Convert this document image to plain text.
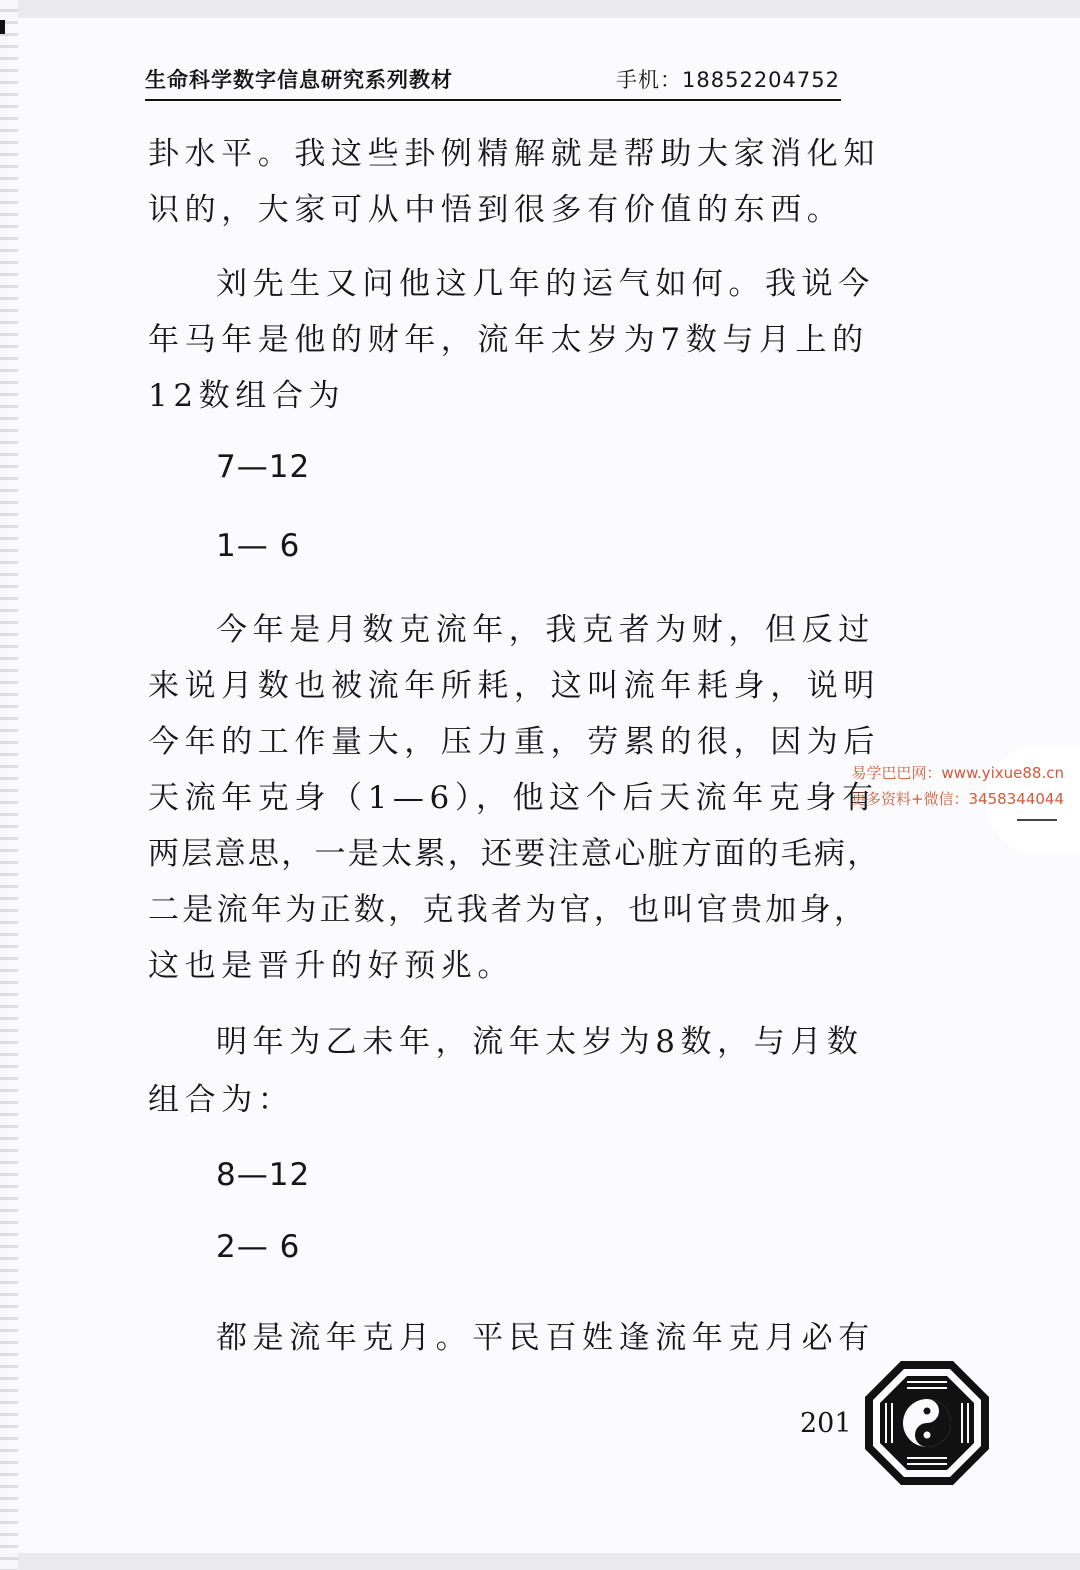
生命科学数字信息研究系列教材	手机：18852204752
卦水平。我这些卦例精解就是帮助大家消化知
识的，大家可从中悟到很多有价值的东西。
刘先生又问他这几年的运气如何。我说今
年马年是他的财年，流年太岁为7数与月上的
12数组合为
7—12
1— 6
今年是月数克流年，我克者为财，但反过
来说月数也被流年所耗，这叫流年耗身，说明
今年的工作量大，压力重，劳累的很，因为后
天流年克身（1—6），他这个后天流年克身有
两层意思，一是太累，还要注意心脏方面的毛病，
二是流年为正数，克我者为官，也叫官贵加身，
这也是晋升的好预兆。
明年为乙未年，流年太岁为8数，与月数
组合为：
8—12
2— 6
都是流年克月。平民百姓逢流年克月必有
201
易学巴巴网：www.yixue88.cn
更多资料+微信：3458344044
